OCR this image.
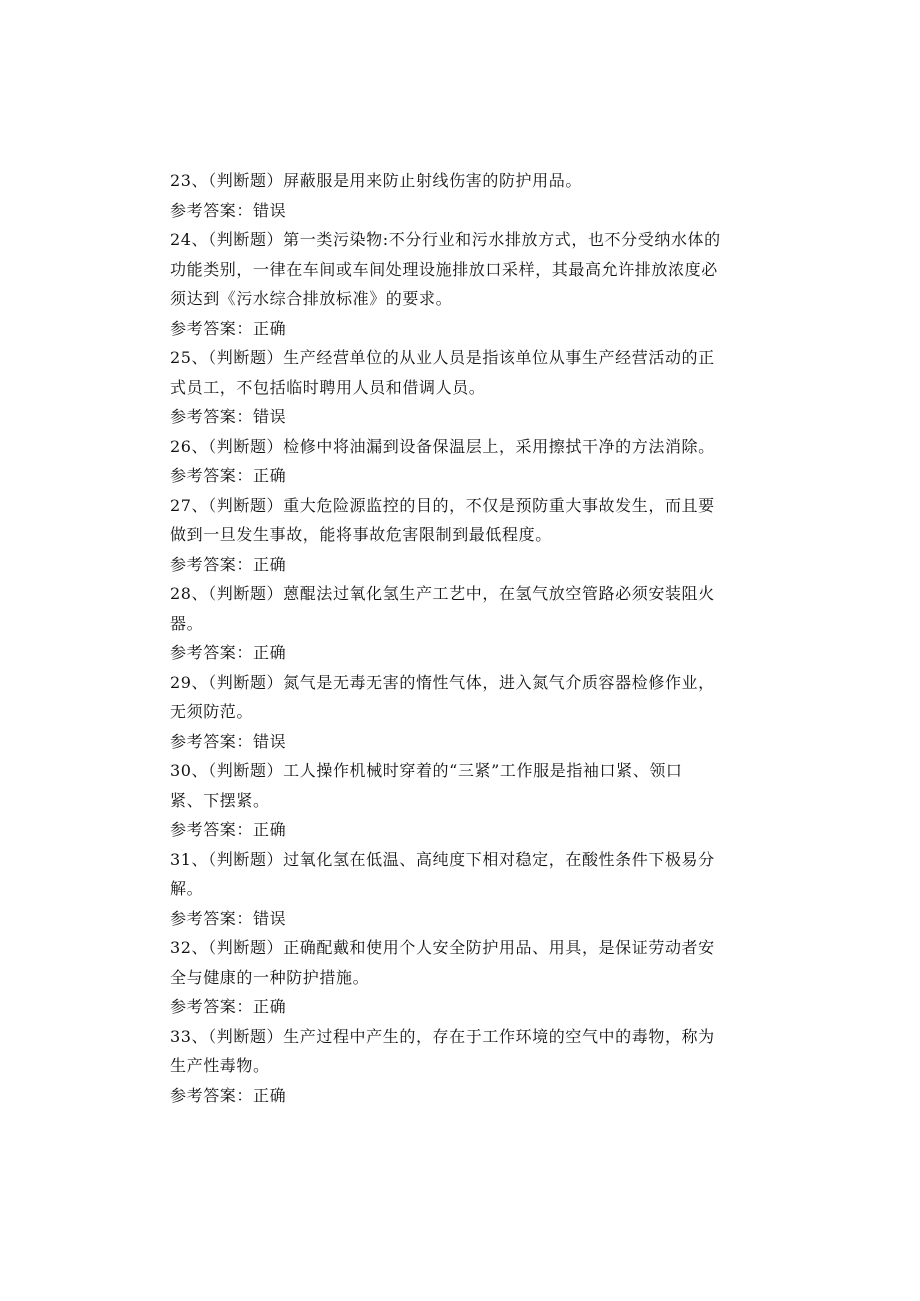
23、（判断题）屏蔽服是用来防止射线伤害的防护用品。
参考答案：错误
24、（判断题）第一类污染物:不分行业和污水排放方式，也不分受纳水体的
功能类别，一律在车间或车间处理设施排放口采样，其最高允许排放浓度必
须达到《污水综合排放标准》的要求。
参考答案：正确
25、（判断题）生产经营单位的从业人员是指该单位从事生产经营活动的正
式员工，不包括临时聘用人员和借调人员。
参考答案：错误
26、（判断题）检修中将油漏到设备保温层上，采用擦拭干净的方法消除。
参考答案：正确
27、（判断题）重大危险源监控的目的，不仅是预防重大事故发生，而且要
做到一旦发生事故，能将事故危害限制到最低程度。
参考答案：正确
28、（判断题）蒽醌法过氧化氢生产工艺中，在氢气放空管路必须安装阻火
器。
参考答案：正确
29、（判断题）氮气是无毒无害的惰性气体，进入氮气介质容器检修作业，
无须防范。
参考答案：错误
30、（判断题）工人操作机械时穿着的“三紧”工作服是指袖口紧、领口
紧、下摆紧。
参考答案：正确
31、（判断题）过氧化氢在低温、高纯度下相对稳定，在酸性条件下极易分
解。
参考答案：错误
32、（判断题）正确配戴和使用个人安全防护用品、用具，是保证劳动者安
全与健康的一种防护措施。
参考答案：正确
33、（判断题）生产过程中产生的，存在于工作环境的空气中的毒物，称为
生产性毒物。
参考答案：正确
